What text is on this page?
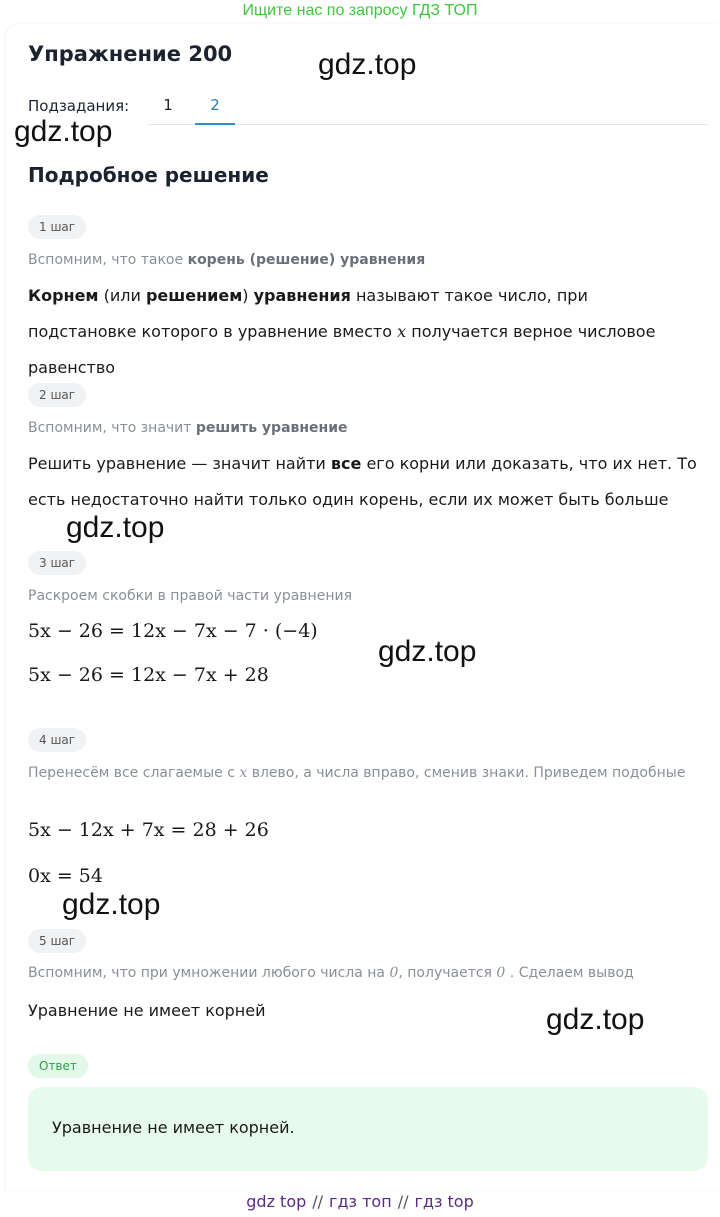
Ищите нас по запросу ГДЗ ТОП
Упражнение 200
Подзадания:	1	2
Подробное решение
1 шаг
Вспомним, что такое корень (решение) уравнения
Корнем (или решением) уравнения называют такое число, при подстановке которого в уравнение вместо x получается верное числовое равенство
2 шаг
Вспомним, что значит решить уравнение
Решить уравнение — значит найти все его корни или доказать, что их нет. То есть недостаточно найти только один корень, если их может быть больше
3 шаг
Раскроем скобки в правой части уравнения
5x − 26 = 12x − 7x − 7 · (−4)
5x − 26 = 12x − 7x + 28
4 шаг
Перенесём все слагаемые с x влево, а числа вправо, сменив знаки. Приведем подобные
5x − 12x + 7x = 28 + 26
0x = 54
5 шаг
Вспомним, что при умножении любого числа на 0, получается 0 . Сделаем вывод
Уравнение не имеет корней
Ответ
Уравнение не имеет корней.
gdz.top
gdz.top
gdz.top
gdz.top
gdz.top
gdz.top
gdz top // гдз топ // гдз top
